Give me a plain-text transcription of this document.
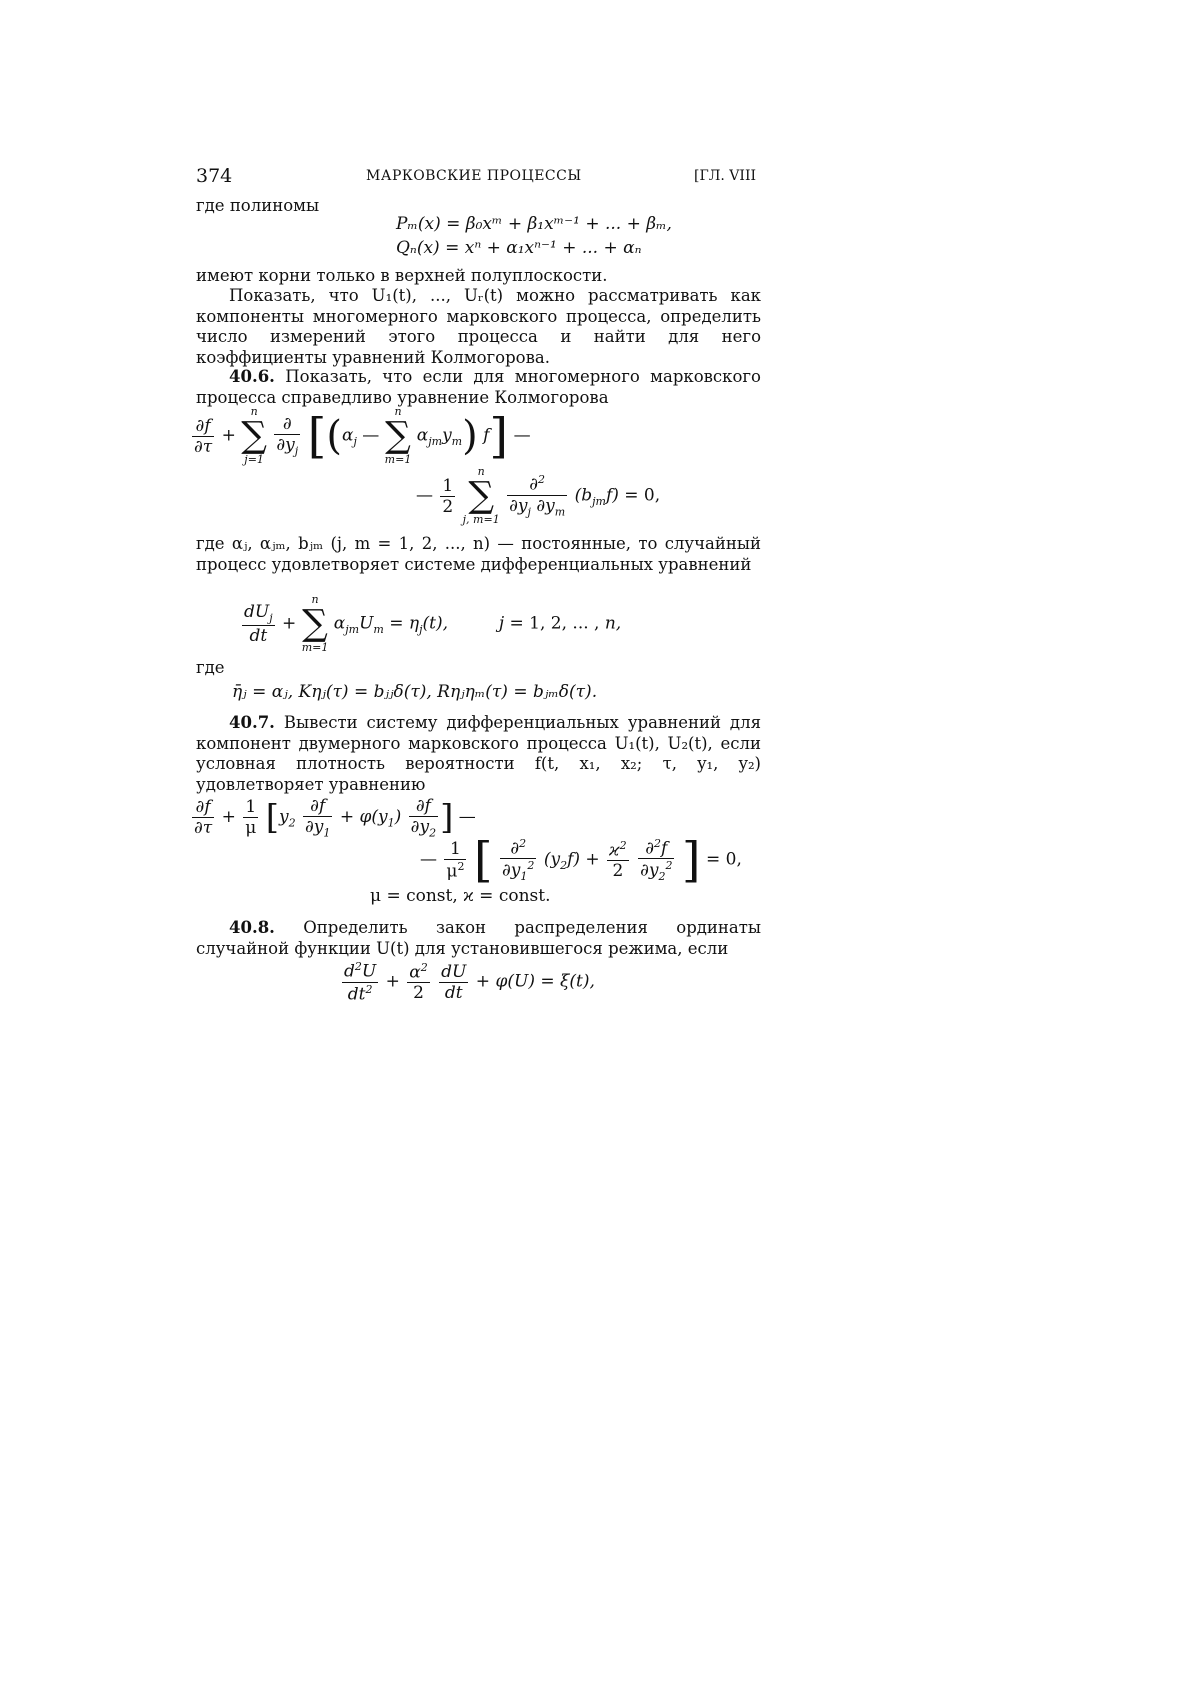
374	МАРКОВСКИЕ ПРОЦЕССЫ	[ГЛ. VIII
где полиномы
Pₘ(x) = β₀xᵐ + β₁xᵐ⁻¹ + ... + βₘ,
Qₙ(x) = xⁿ + α₁xⁿ⁻¹ + ... + αₙ
имеют корни только в верхней полуплоскости.
Показать, что U₁(t), ..., Uᵣ(t) можно рассматривать как компоненты многомерного марковского процесса, определить число измерений этого процесса и найти для него коэффициенты уравнений Колмогорова.
40.6. Показать, что если для многомерного марковского процесса справедливо уравнение Колмогорова
$\frac{\partial f}{\partial\tau}$ +
n
∑
j=1

$\frac{\partial}{\partial y_j} [(\alpha_j$ —
n
∑
m=1
$\alpha_{jm}y_m$) f] —
— $\frac{1}{2}$

n
∑
j, m=1

$\frac{\partial^2}{\partial y_j \partial y_m} (b_{jm}f) = 0$,
где αⱼ, αⱼₘ, bⱼₘ (j, m = 1, 2, ..., n) — постоянные, то случайный процесс удовлетворяет системе дифференциальных уравнений
$\frac{dU_j}{dt}$ +
n
∑
m=1
$\alpha_{jm}U_m = \eta_j(t)$,  j = 1, 2, ... , n,
где
η̄ⱼ = αⱼ, Kηⱼ(τ) = bⱼⱼδ(τ), Rηⱼηₘ(τ) = bⱼₘδ(τ).
40.7. Вывести систему дифференциальных уравнений для компонент двумерного марковского процесса U₁(t), U₂(t), если условная плотность вероятности f(t, x₁, x₂; τ, y₁, y₂) удовлетворяет уравнению
$\frac{\partial f}{\partial\tau} + \frac{1}{\mu} [y_2 \frac{\partial f}{\partial y_1} + \varphi(y_1) \frac{\partial f}{\partial y_2}$ ] —
— $\frac{1}{\mu^2}$ [ $\frac{\partial^2}{\partial y_1^2} (y_2f) + \frac{ϰ^2}{2}$
$\frac{\partial^2f}{\partial y_2^2}$ ] = 0,
μ = const, ϰ = const.
40.8. Определить закон распределения ординаты случайной функции U(t) для установившегося режима, если
$\frac{d^2U}{dt^2} + \frac{\alpha^2}{2}$
$\frac{dU}{dt} + \varphi(U) = \xi(t)$,
